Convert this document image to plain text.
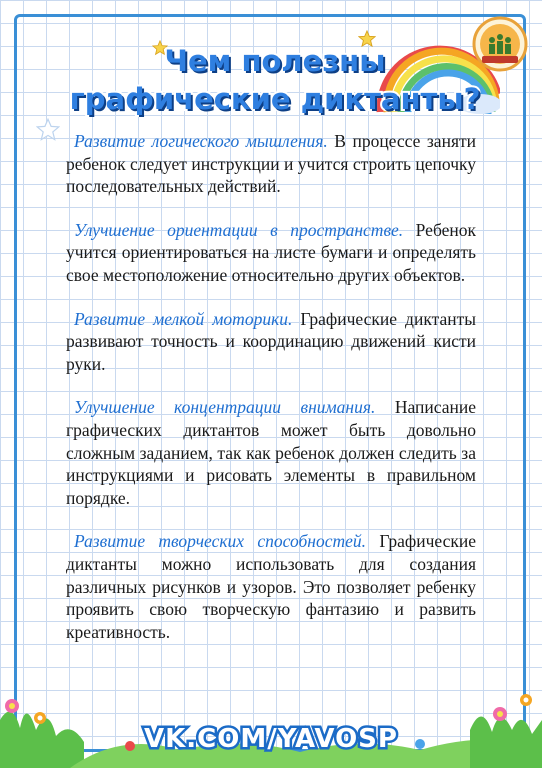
Чем полезны
графические диктанты?

Развитие логического мышления. В процессе заняти ребенок следует инструкции и учится строить цепочку последовательных действий.

Улучшение ориентации в пространстве. Ребенок учится ориентироваться на листе бумаги и определять свое местоположение относительно других объектов.

Развитие мелкой моторики. Графические диктанты развивают точность и координацию движений кисти руки.

Улучшение концентрации внимания. Написание графических диктантов может быть довольно сложным заданием, так как ребенок должен следить за инструкциями и рисовать элементы в правильном порядке.

Развитие творческих способностей. Графические диктанты можно использовать для создания различных рисунков и узоров. Это позволяет ребенку проявить свою творческую фантазию и развить креативность.

VK.COM/YAVOSP
